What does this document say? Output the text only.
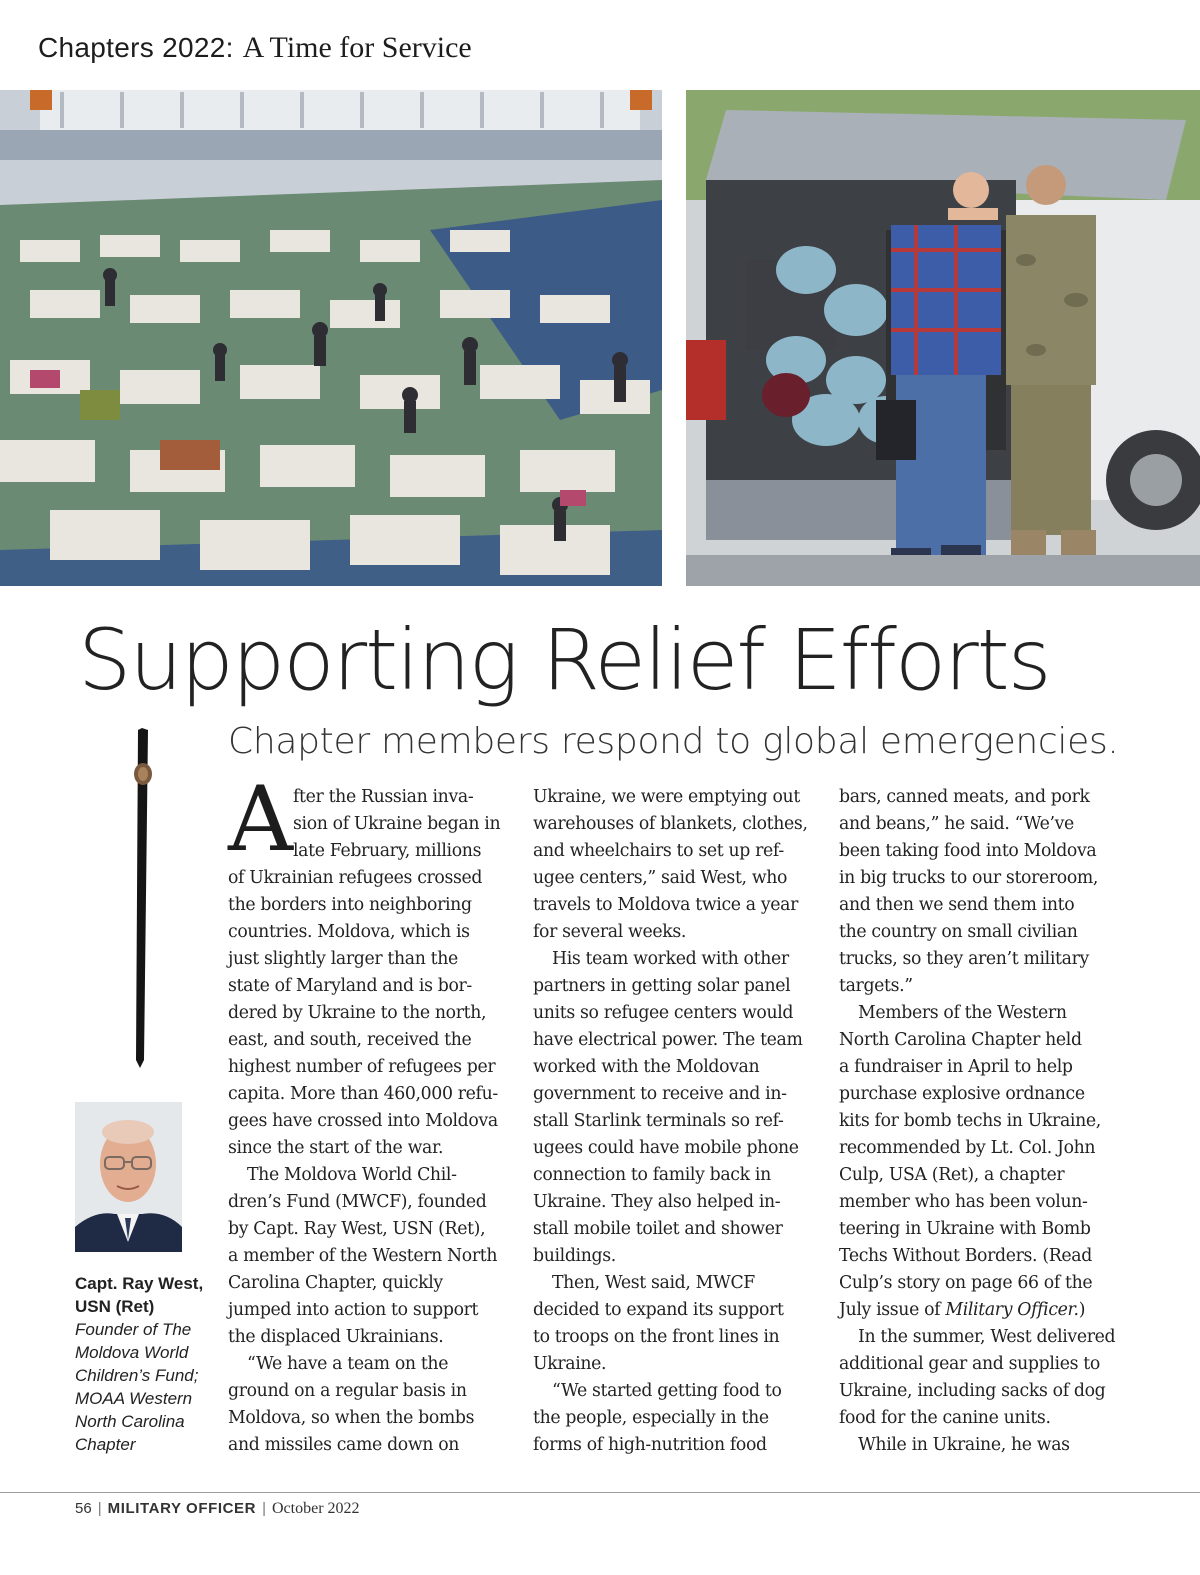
Chapters 2022: A Time for Service
Supporting Relief Efforts
Chapter members respond to global emergencies.
Capt. Ray West,
USN (Ret)
Founder of The
Moldova World
Children’s Fund;
MOAA Western
North Carolina
Chapter
A fter the Russian inva-
sion of Ukraine began in
late February, millions
of Ukrainian refugees crossed
the borders into neighboring
countries. Moldova, which is
just slightly larger than the
state of Maryland and is bor-
dered by Ukraine to the north,
east, and south, received the
highest number of refugees per
capita. More than 460,000 refu-
gees have crossed into Moldova
since the start of the war.
The Moldova World Chil-
dren’s Fund (MWCF), founded
by Capt. Ray West, USN (Ret),
a member of the Western North
Carolina Chapter, quickly
jumped into action to support
the displaced Ukrainians.
“We have a team on the
ground on a regular basis in
Moldova, so when the bombs
and missiles came down on
Ukraine, we were emptying out
warehouses of blankets, clothes,
and wheelchairs to set up ref-
ugee centers,” said West, who
travels to Moldova twice a year
for several weeks.
His team worked with other
partners in getting solar panel
units so refugee centers would
have electrical power. The team
worked with the Moldovan
government to receive and in-
stall Starlink terminals so ref-
ugees could have mobile phone
connection to family back in
Ukraine. They also helped in-
stall mobile toilet and shower
buildings.
Then, West said, MWCF
decided to expand its support
to troops on the front lines in
Ukraine.
“We started getting food to
the people, especially in the
forms of high-nutrition food
bars, canned meats, and pork
and beans,” he said. “We’ve
been taking food into Moldova
in big trucks to our storeroom,
and then we send them into
the country on small civilian
trucks, so they aren’t military
targets.”
Members of the Western
North Carolina Chapter held
a fundraiser in April to help
purchase explosive ordnance
kits for bomb techs in Ukraine,
recommended by Lt. Col. John
Culp, USA (Ret), a chapter
member who has been volun-
teering in Ukraine with Bomb
Techs Without Borders. (Read
Culp’s story on page 66 of the
July issue of Military Officer.)
In the summer, West delivered
additional gear and supplies to
Ukraine, including sacks of dog
food for the canine units.
While in Ukraine, he was
56 | MILITARY OFFICER | October 2022
